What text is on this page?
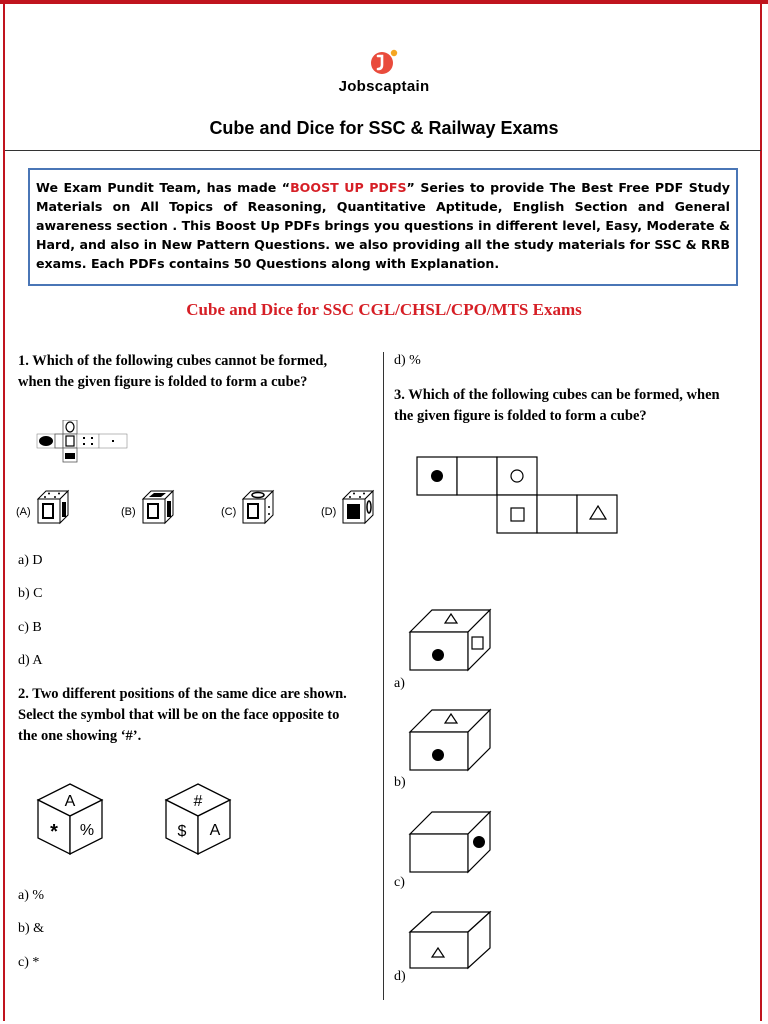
Jobscaptain
Cube and Dice for SSC & Railway Exams
We Exam Pundit Team, has made “BOOST UP PDFS” Series to provide The Best Free PDF Study Materials on All Topics of Reasoning, Quantitative Aptitude, English Section and General awareness section . This Boost Up PDFs brings you questions in different level, Easy, Moderate & Hard, and also in New Pattern Questions. we also providing all the study materials for SSC & RRB exams. Each PDFs contains 50 Questions along with Explanation.
Cube and Dice for SSC CGL/CHSL/CPO/MTS Exams
1. Which of the following cubes cannot be formed,
when the given figure is folded to form a cube?
(A)	(B)	(C)	(D)
a) D
b) C
c) B
d) A
2. Two different positions of the same dice are shown.
Select the symbol that will be on the face opposite to
the one showing ‘#’.
A
* %
#
$ A
a) %
b) &
c) *
d) %
3. Which of the following cubes can be formed, when
the given figure is folded to form a cube?
a)
b)
c)
d)
